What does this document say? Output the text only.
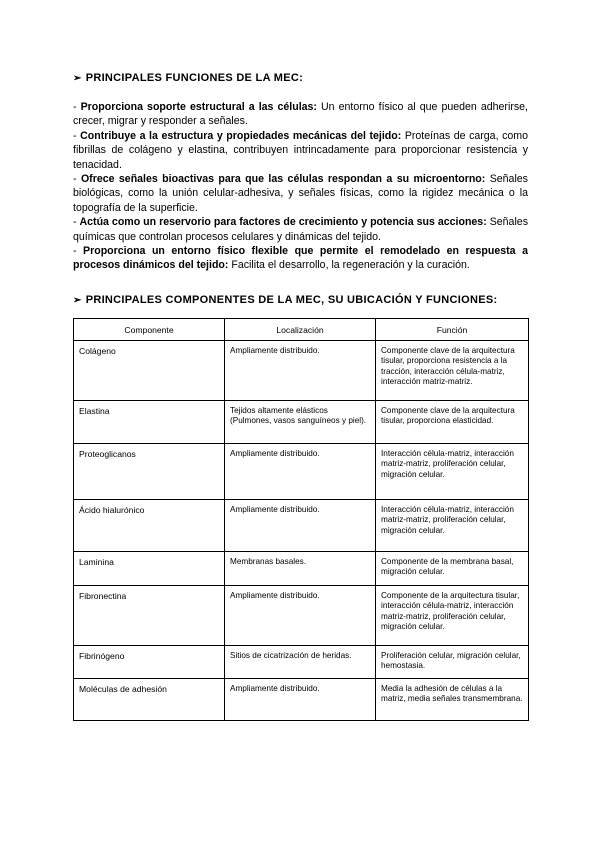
➢ PRINCIPALES FUNCIONES DE LA MEC:

- Proporciona soporte estructural a las células: Un entorno físico al que pueden adherirse, crecer, migrar y responder a señales.

- Contribuye a la estructura y propiedades mecánicas del tejido: Proteínas de carga, como fibrillas de colágeno y elastina, contribuyen intrincadamente para proporcionar resistencia y tenacidad.

- Ofrece señales bioactivas para que las células respondan a su microentorno: Señales biológicas, como la unión celular-adhesiva, y señales físicas, como la rigidez mecánica o la topografía de la superficie.

- Actúa como un reservorio para factores de crecimiento y potencia sus acciones: Señales químicas que controlan procesos celulares y dinámicas del tejido.

- Proporciona un entorno físico flexible que permite el remodelado en respuesta a procesos dinámicos del tejido: Facilita el desarrollo, la regeneración y la curación.

➢ PRINCIPALES COMPONENTES DE LA MEC, SU UBICACIÓN Y FUNCIONES:
Componente	Localización	Función
Colágeno	Ampliamente distribuido.	Componente clave de la arquitectura tisular, proporciona resistencia a la tracción, interacción célula-matriz, interacción matriz-matriz.
Elastina	Tejidos altamente elásticos (Pulmones, vasos sanguíneos y piel).	Componente clave de la arquitectura tisular, proporciona elasticidad.
Proteoglicanos	Ampliamente distribuido.	Interacción célula-matriz, interacción matriz-matriz, proliferación celular, migración celular.
Ácido hialurónico	Ampliamente distribuido.	Interacción célula-matriz, interacción matriz-matriz, proliferación celular, migración celular.
Laminina	Membranas basales.	Componente de la membrana basal, migración celular.
Fibronectina	Ampliamente distribuido.	Componente de la arquitectura tisular, interacción célula-matriz, interacción matriz-matriz, proliferación celular, migración celular.
Fibrinógeno	Sitios de cicatrización de heridas.	Proliferación celular, migración celular, hemostasia.
Moléculas de adhesión	Ampliamente distribuido.	Media la adhesión de células a la matriz, media señales transmembrana.
